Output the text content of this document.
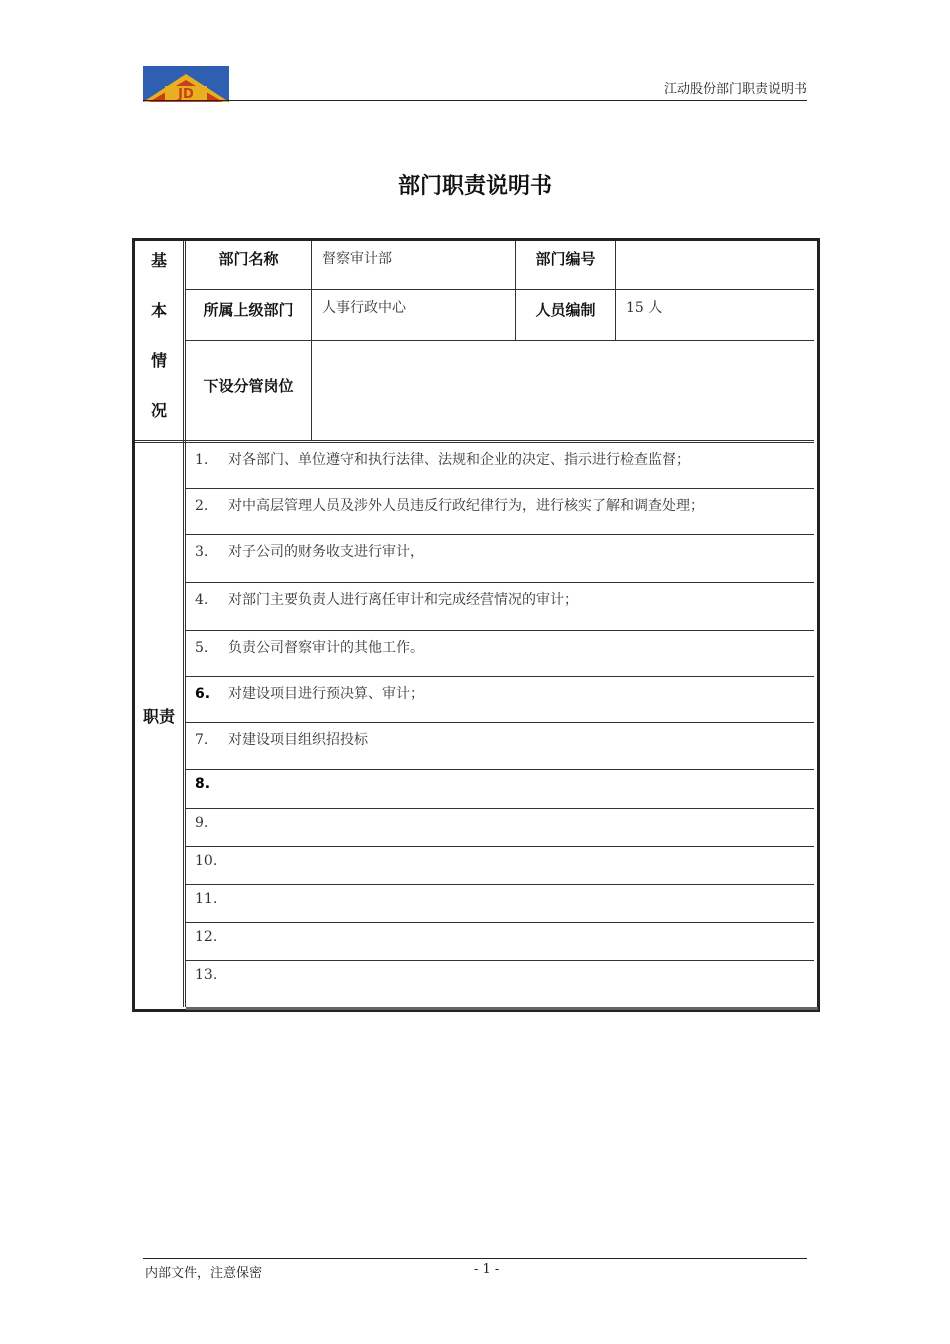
JD	江动股份部门职责说明书
部门职责说明书
基
本
情
况
部门名称	督察审计部	部门编号
所属上级部门	人事行政中心	人员编制	15 人
下设分管岗位
职责
1. 对各部门、单位遵守和执行法律、法规和企业的决定、指示进行检查监督；
2. 对中高层管理人员及涉外人员违反行政纪律行为，进行核实了解和调查处理；
3. 对子公司的财务收支进行审计，
4. 对部门主要负责人进行离任审计和完成经营情况的审计；
5. 负责公司督察审计的其他工作。
6. 对建设项目进行预决算、审计；
7. 对建设项目组织招投标
8.
9.
10.
11.
12.
13.
内部文件，注意保密	- 1 -
